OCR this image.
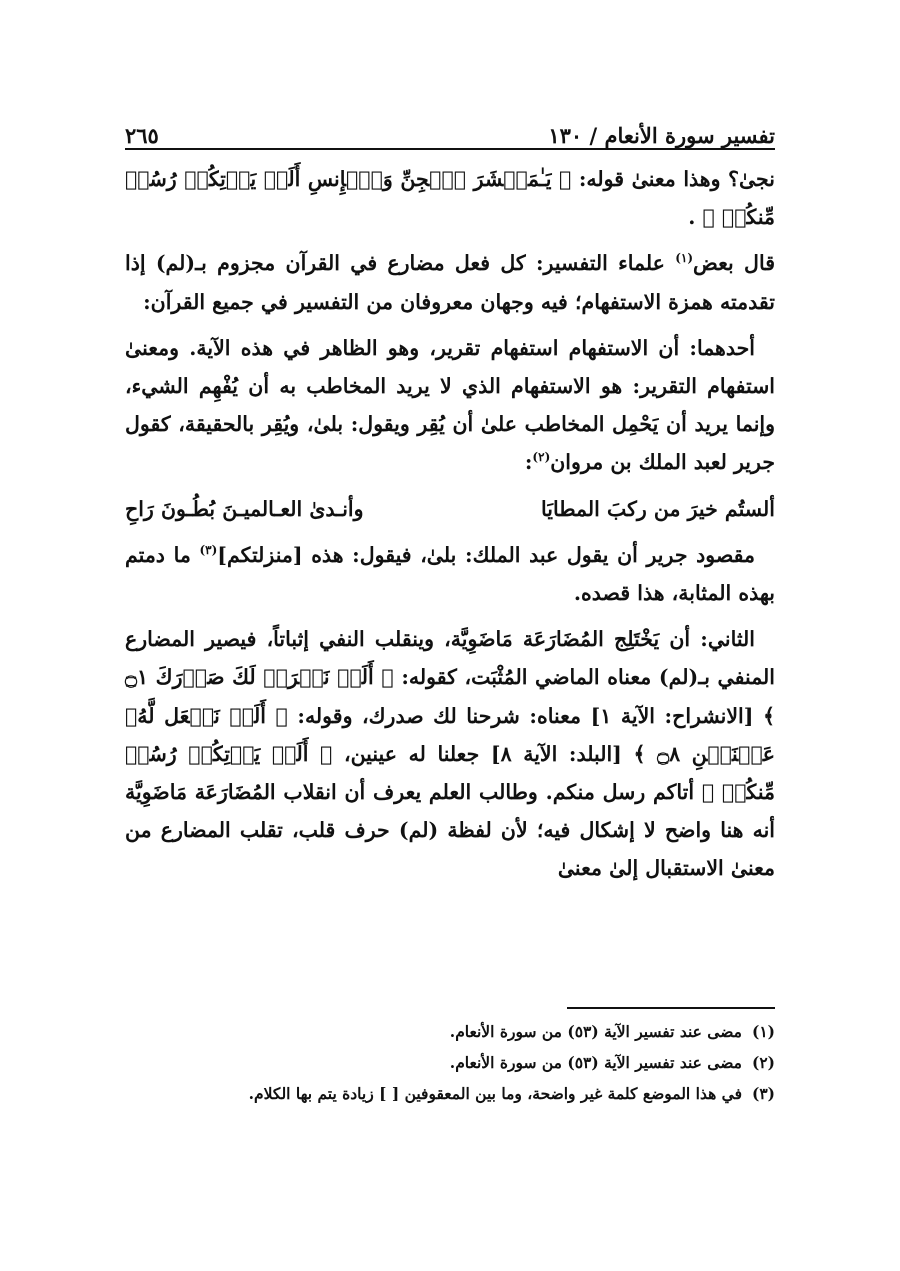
تفسير سورة الأنعام / ١٣٠
٢٦٥

نجىٰ؟ وهذا معنىٰ قوله: ﴿ يَـٰمَعۡشَرَ ٱلۡجِنِّ وَٱلۡإِنسِ أَلَمۡ يَأۡتِكُمۡ رُسُلٞ مِّنكُمۡ ﴾ .

قال بعض$^{(١)}$ علماء التفسير: كل فعل مضارع في القرآن مجزوم بـ(لم) إذا تقدمته همزة الاستفهام؛ فيه وجهان معروفان من التفسير في جميع القرآن:

أحدهما: أن الاستفهام استفهام تقرير، وهو الظاهر في هذه الآية. ومعنىٰ استفهام التقرير: هو الاستفهام الذي لا يريد المخاطب به أن يُفْهِم الشيء، وإنما يريد أن يَحْمِل المخاطب علىٰ أن يُقِر ويقول: بلىٰ، ويُقِر بالحقيقة، كقول جرير لعبد الملك بن مروان$^{(٢)}$:

ألستُم خيرَ من ركبَ المطايَا
وأنـدىٰ العـالميـنَ بُطُـونَ رَاحِ

مقصود جرير أن يقول عبد الملك: بلىٰ، فيقول: هذه [منزلتكم]$^{(٣)}$ ما دمتم بهذه المثابة، هذا قصده.

الثاني: أن يَخْتَلِج المُضَارَعَة مَاضَوِيَّة، وينقلب النفي إثباتاً، فيصير المضارع المنفي بـ(لم) معناه الماضي المُثْبَت، كقوله: ﴿ أَلَمۡ نَشۡرَحۡ لَكَ صَدۡرَكَ ۝١ ﴾ [الانشراح: الآية ١] معناه: شرحنا لك صدرك، وقوله: ﴿ أَلَمۡ نَجۡعَل لَّهُۥ عَيۡنَيۡنِ ۝٨ ﴾ [البلد: الآية ٨] جعلنا له عينين، ﴿ أَلَمۡ يَأۡتِكُمۡ رُسُلٞ مِّنكُمۡ ﴾ أتاكم رسل منكم. وطالب العلم يعرف أن انقلاب المُضَارَعَة مَاضَوِيَّة أنه هنا واضح لا إشكال فيه؛ لأن لفظة (لم) حرف قلب، تقلب المضارع من معنىٰ الاستقبال إلىٰ معنىٰ

(١)
مضى عند تفسير الآية (٥٣) من سورة الأنعام.
(٢)
مضى عند تفسير الآية (٥٣) من سورة الأنعام.
(٣)
في هذا الموضع كلمة غير واضحة، وما بين المعقوفين [ ] زيادة يتم بها الكلام.
